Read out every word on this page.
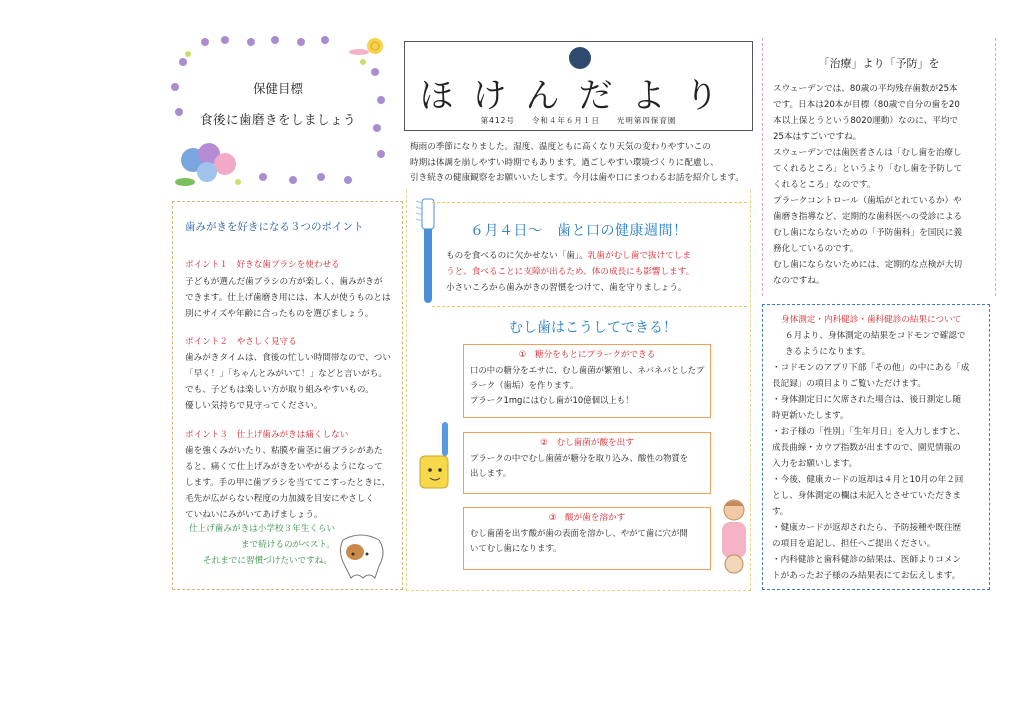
保健目標
食後に歯磨きをしましょう
歯みがきを好きになる３つのポイント
ポイント１　好きな歯ブラシを使わせる
子どもが選んだ歯ブラシの方が楽しく、歯みがきが
できます。仕上げ歯磨き用には、本人が使うものとは
別にサイズや年齢に合ったものを選びましょう。
ポイント２　やさしく見守る
歯みがきタイムは、食後の忙しい時間帯なので、つい
「早く！」「ちゃんとみがいて！」などと言いがち。
でも、子どもは楽しい方が取り組みやすいもの。
優しい気持ちで見守ってください。
ポイント３　仕上げ歯みがきは痛くしない
歯を強くみがいたり、粘膜や歯茎に歯ブラシがあた
ると、痛くて仕上げみがきをいやがるようになって
します。手の甲に歯ブラシを当ててこすったときに、
毛先が広がらない程度の力加減を目安にやさしく
ていねいにみがいてあげましょう。
仕上げ歯みがきは小学校３年生くらい
まで続けるのがベスト。
それまでに習慣づけたいですね。
ほけんだより
第412号　　令和４年６月１日　　光明第四保育園
梅雨の季節になりました。湿度、温度ともに高くなり天気の変わりやすいこの
時期は体調を崩しやすい時期でもあります。過ごしやすい環境づくりに配慮し、
引き続きの健康観察をお願いいたします。今月は歯や口にまつわるお話を紹介します。
６月４日～　歯と口の健康週間！
ものを食べるのに欠かせない「歯」。乳歯がむし歯で抜けてしま
うと、食べることに支障が出るため、体の成長にも影響します。
小さいころから歯みがきの習慣をつけて、歯を守りましょう。
むし歯はこうしてできる！
①　糖分をもとにプラークができる
口の中の糖分をエサに、むし歯菌が繁殖し、ネバネバとしたプ
ラーク（歯垢）を作ります。
プラーク1mgにはむし歯が10億個以上も！
②　むし歯菌が酸を出す
プラークの中でむし歯菌が糖分を取り込み、酸性の物質を
出します。
③　酸が歯を溶かす
むし歯菌を出す酸が歯の表面を溶かし、やがて歯に穴が開
いてむし歯になります。
「治療」より「予防」を
スウェーデンでは、80歳の平均残存歯数が25本
です。日本は20本が目標（80歳で自分の歯を20
本以上保とうという8020運動）なのに、平均で
25本はすごいですね。
スウェーデンでは歯医者さんは「むし歯を治療し
てくれるところ」というより「むし歯を予防して
くれるところ」なのです。
プラークコントロール（歯垢がとれているか）や
歯磨き指導など、定期的な歯科医への受診による
むし歯にならないための「予防歯科」を国民に義
務化しているのです。
むし歯にならないためには、定期的な点検が大切
なのですね。
身体測定・内科健診・歯科健診の結果について
６月より、身体測定の結果をコドモンで確認で
きるようになります。
・コドモンのアプリ下部「その他」の中にある「成
長記録」の項目よりご覧いただけます。
・身体測定日に欠席された場合は、後日測定し随
時更新いたします。
・お子様の「性別」「生年月日」を入力しますと、
成長曲線・カウプ指数が出ますので、園児情報の
入力をお願いします。
・今後、健康カードの返却は４月と10月の年２回
とし、身体測定の欄は未記入とさせていただきま
す。
・健康カードが返却されたら、予防接種や既往歴
の項目を追記し、担任へご提出ください。
・内科健診と歯科健診の結果は、医師よりコメン
トがあったお子様のみ結果表にてお伝えします。
